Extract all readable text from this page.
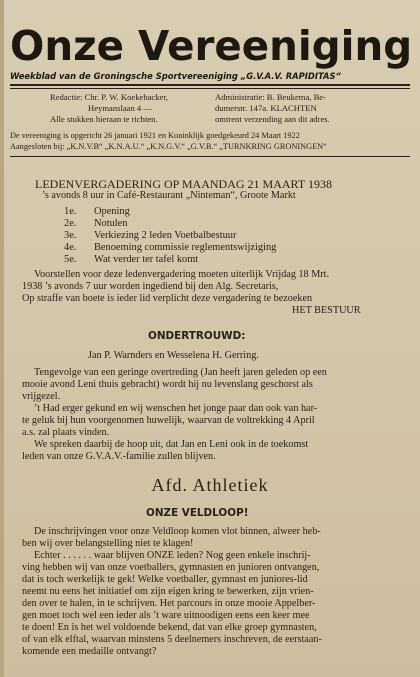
Onze Vereeniging
Weekblad van de Groningsche Sportvereeniging „G.V.A.V. RAPIDITAS“
Redactie: Chr. P. W. Koekebacker,
Heymanslaan 4 —
Alle stukken hieraan te richten.
Administratie: B. Beukema, Be-
dumerstr. 147a. KLACHTEN
omtrent verzending aan dit adres.
De vereeniging is opgericht 26 januari 1921 en Koninklijk goedgekeurd 24 Maart 1922
Aangesloten bij: „K.N.V.B“ „K.N.A.U.“ „K.N.G.V.“ „G.V.B.“ „TURNKRING GRONINGEN“
LEDENVERGADERING OP MAANDAG 21 MAART 1938
’s avonds 8 uur in Café-Restaurant „Ninteman“, Groote Markt
1e. Opening
2e. Notulen
3e. Verkiezing 2 leden Voetbalbestuur
4e. Benoeming commissie reglementswijziging
5e. Wat verder ter tafel komt
Voorstellen voor deze ledenvergadering moeten uiterlijk Vrijdag 18 Mrt.
1938 ’s avonds 7 uur worden ingediend bij den Alg. Secretaris,
Op straffe van boete is ieder lid verplicht deze vergadering te bezoeken
HET BESTUUR
ONDERTROUWD:
Jan P. Warnders en Wesselena H. Gerring.
Tengevolge van een geringe overtreding (Jan heeft jaren geleden op een
mooie avond Leni thuis gebracht) wordt hij nu levenslang geschorst als
vrijgezel.
’t Had erger gekund en wij wenschen het jonge paar dan ook van har-
te geluk bij hun voorgenomen huwelijk, waarvan de voltrekking 4 April
a.s. zal plaats vinden.
We spreken daarbij de hoop uit, dat Jan en Leni ook in de toekomst
leden van onze G.V.A.V.-familie zullen blijven.
Afd. Athletiek
ONZE VELDLOOP!
De inschrijvingen voor onze Veldloop komen vlot binnen, alweer heb-
ben wij over belangstelling niet te klagen!
Echter . . . . . . waar blijven ONZE leden? Nog geen enkele inschrij-
ving hebben wij van onze voetballers, gymnasten en junioren ontvangen,
dat is toch werkelijk te gek! Welke voetballer, gymnast en juniores-lid
neemt nu eens het initiatief om zijn eigen kring te bewerken, zijn vrien-
den over te halen, in te schrijven. Het parcours in onze mooie Appelber-
gen moet toch wel een ieder als ’t ware uitnoodigen eens een keer mee
te doen! En is het wel voldoende bekend, dat van elke groep gymnasten,
of van elk elftal, waarvan minstens 5 deelnemers inschreven, de eerstaan-
komende een medaille ontvangt?
